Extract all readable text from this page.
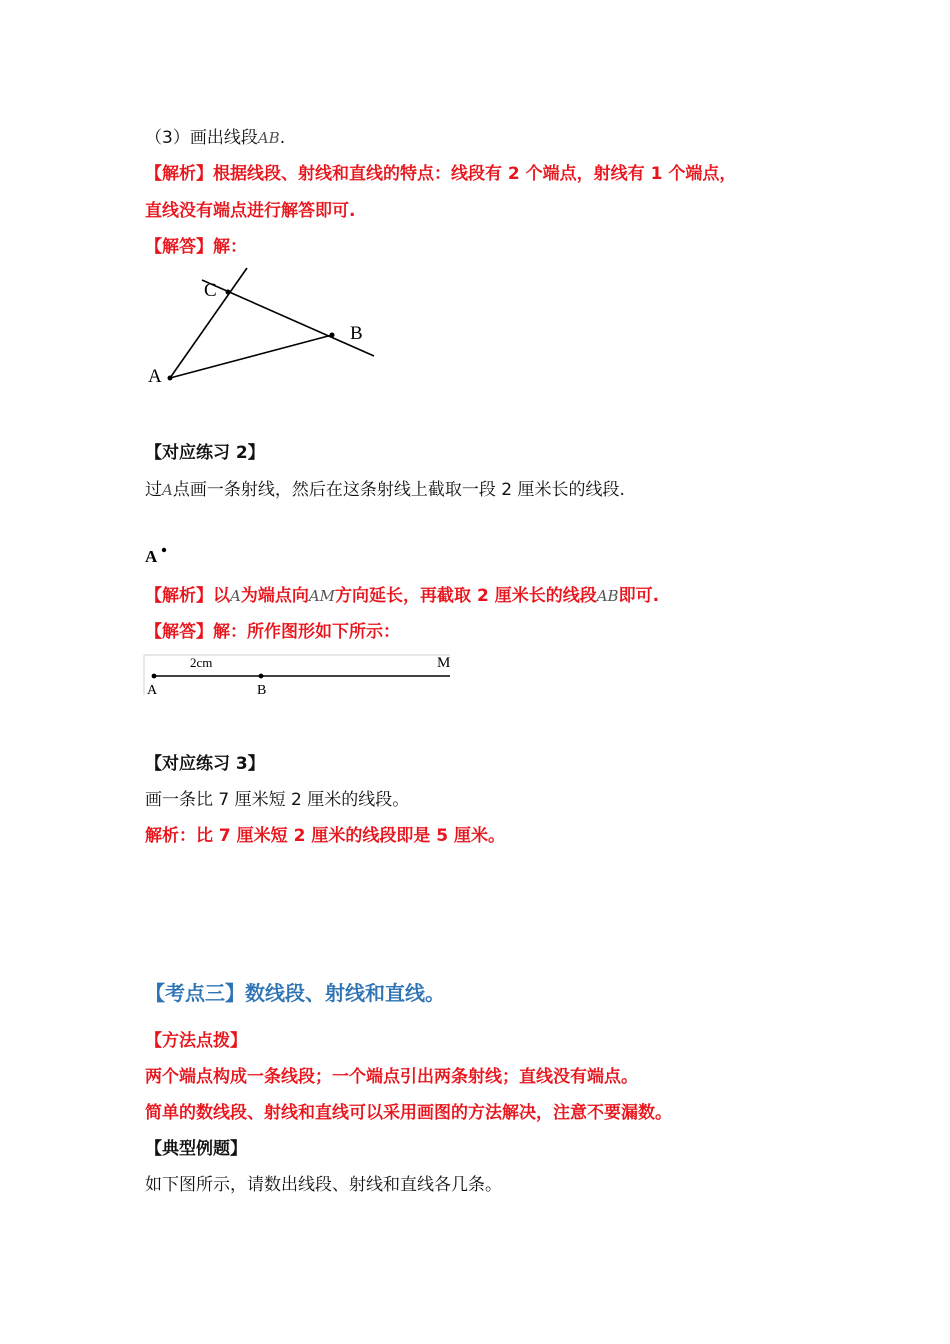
（3）画出线段AB.
【解析】根据线段、射线和直线的特点：线段有 2 个端点，射线有 1 个端点，
直线没有端点进行解答即可.
【解答】解：
C
B
A
【对应练习 2】
过A点画一条射线，然后在这条射线上截取一段 2 厘米长的线段.
A
【解析】以A为端点向AM方向延长，再截取 2 厘米长的线段AB即可.
【解答】解：所作图形如下所示：
2cm	M
A	B
【对应练习 3】
画一条比 7 厘米短 2 厘米的线段。
解析：比 7 厘米短 2 厘米的线段即是 5 厘米。
【考点三】数线段、射线和直线。
【方法点拨】
两个端点构成一条线段；一个端点引出两条射线；直线没有端点。
简单的数线段、射线和直线可以采用画图的方法解决，注意不要漏数。
【典型例题】
如下图所示，请数出线段、射线和直线各几条。
